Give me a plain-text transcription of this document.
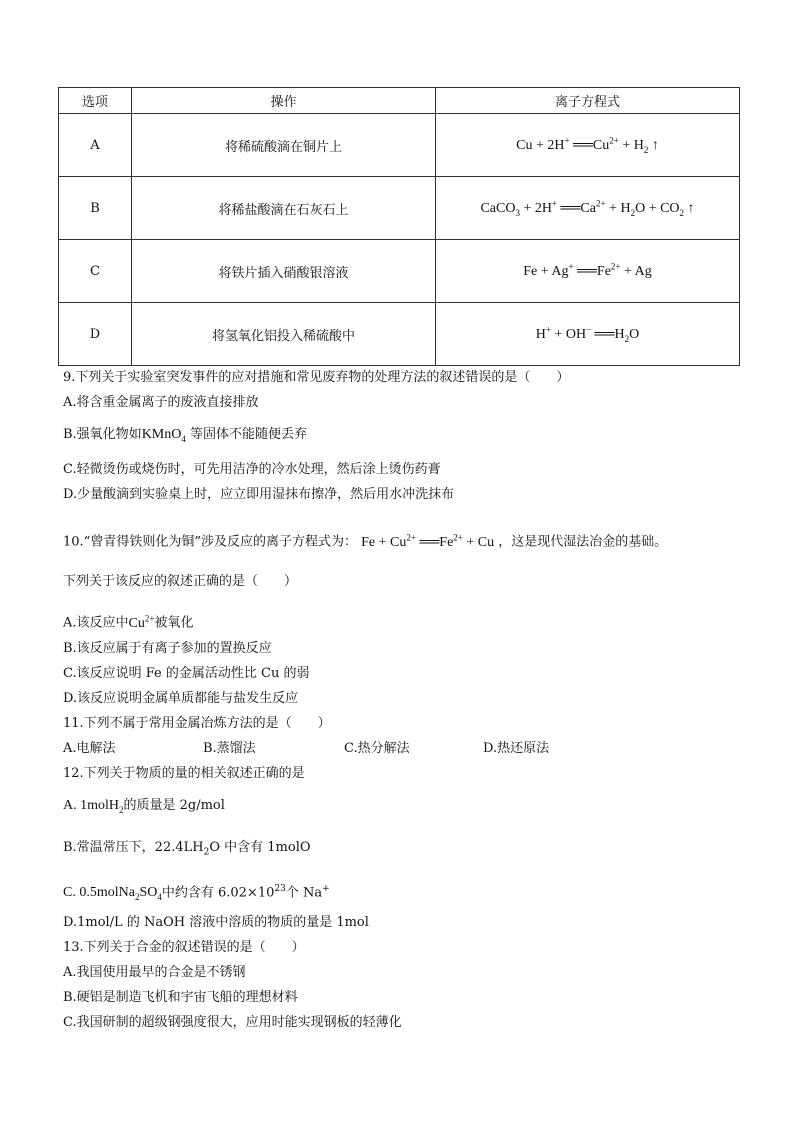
选项	操作	离子方程式
A	将稀硫酸滴在铜片上	Cu + 2H+ $══Cu^{2+} + H_2$ ↑
B	将稀盐酸滴在石灰石上	CaCO$_3$ + 2H+ $══Ca^{2+} + H_2O + CO_2$ ↑
C	将铁片插入硝酸银溶液	Fe + Ag+ $══Fe^{2+} + Ag$
D	将氢氧化铝投入稀硫酸中	H+ + OH− $══H_2O$
9.下列关于实验室突发事件的应对措施和常见废弃物的处理方法的叙述错误的是（　　）
A.将含重金属离子的废液直接排放
B.强氧化物如KMnO$_4$ 等固体不能随便丢弃
C.轻微烫伤或烧伤时，可先用洁净的冷水处理，然后涂上烫伤药膏
D.少量酸滴到实验桌上时，应立即用湿抹布擦净，然后用水冲洗抹布
10.“曾青得铁则化为铜”涉及反应的离子方程式为： $Fe + Cu^{2+}$ $══Fe^{2+} + Cu$ ，这是现代湿法冶金的基础。
下列关于该反应的叙述正确的是（　　）
A.该反应中$Cu^{2+}$被氧化
B.该反应属于有离子参加的置换反应
C.该反应说明 Fe 的金属活动性比 Cu 的弱
D.该反应说明金属单质都能与盐发生反应
11.下列不属于常用金属冶炼方法的是（　　）
A.电解法	B.蒸馏法	C.热分解法	D.热还原法
12.下列关于物质的量的相关叙述正确的是
A. 1molH$_2$的质量是 2g/mol
B.常温常压下，$22.4LH_2O$ 中含有 1molO
C. $0.5molNa_2SO_4$中约含有 $6.02\times 10^{23}$个 Na+
D.1mol/L 的 NaOH 溶液中溶质的物质的量是 1mol
13.下列关于合金的叙述错误的是（　　）
A.我国使用最早的合金是不锈钢
B.硬铝是制造飞机和宇宙飞船的理想材料
C.我国研制的超级钢强度很大，应用时能实现钢板的轻薄化
